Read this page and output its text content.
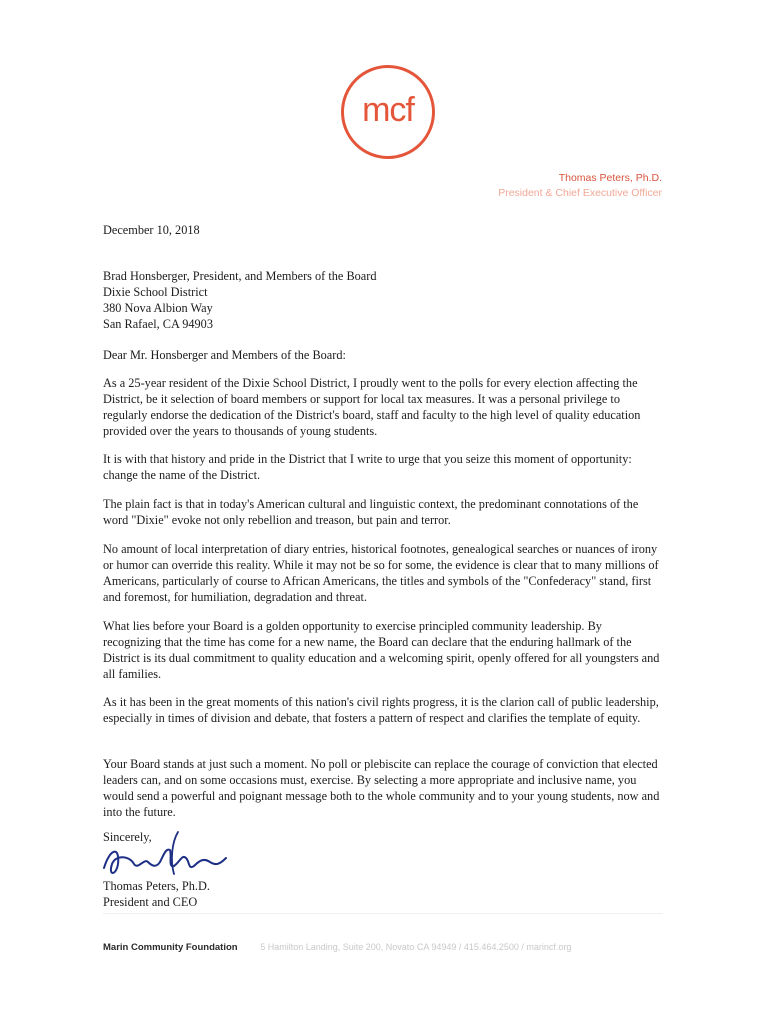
mcf
Thomas Peters, Ph.D.
President & Chief Executive Officer
December 10, 2018
Brad Honsberger, President, and Members of the Board
Dixie School District
380 Nova Albion Way
San Rafael, CA 94903
Dear Mr. Honsberger and Members of the Board:
As a 25-year resident of the Dixie School District, I proudly went to the polls for every election affecting the District, be it selection of board members or support for local tax measures. It was a personal privilege to regularly endorse the dedication of the District's board, staff and faculty to the high level of quality education provided over the years to thousands of young students.
It is with that history and pride in the District that I write to urge that you seize this moment of opportunity: change the name of the District.
The plain fact is that in today's American cultural and linguistic context, the predominant connotations of the word "Dixie" evoke not only rebellion and treason, but pain and terror.
No amount of local interpretation of diary entries, historical footnotes, genealogical searches or nuances of irony or humor can override this reality. While it may not be so for some, the evidence is clear that to many millions of Americans, particularly of course to African Americans, the titles and symbols of the "Confederacy" stand, first and foremost, for humiliation, degradation and threat.
What lies before your Board is a golden opportunity to exercise principled community leadership. By recognizing that the time has come for a new name, the Board can declare that the enduring hallmark of the District is its dual commitment to quality education and a welcoming spirit, openly offered for all youngsters and all families.
As it has been in the great moments of this nation's civil rights progress, it is the clarion call of public leadership, especially in times of division and debate, that fosters a pattern of respect and clarifies the template of equity.
Your Board stands at just such a moment. No poll or plebiscite can replace the courage of conviction that elected leaders can, and on some occasions must, exercise. By selecting a more appropriate and inclusive name, you would send a powerful and poignant message both to the whole community and to your young students, now and into the future.
Sincerely,
Thomas Peters, Ph.D.
President and CEO
Marin Community Foundation	5 Hamilton Landing, Suite 200, Novato CA 94949 / 415.464.2500 / marincf.org
